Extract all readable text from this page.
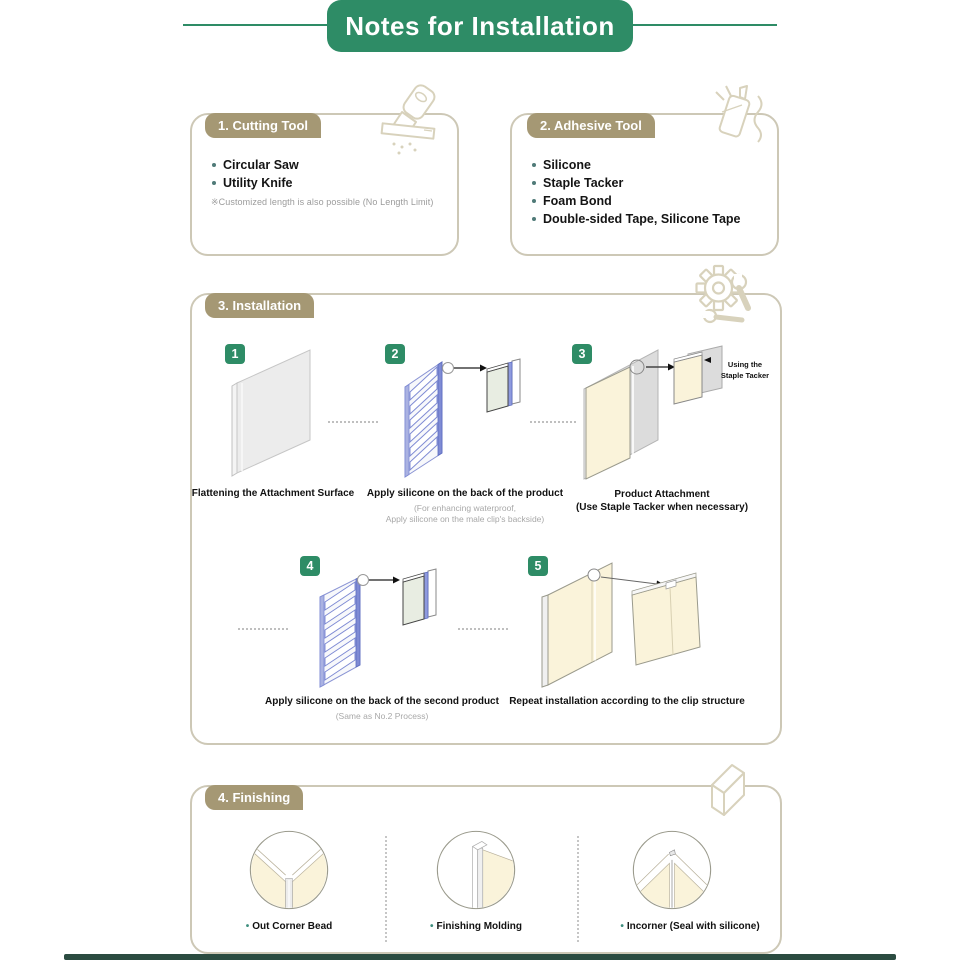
Notes for Installation
1. Cutting Tool
Circular Saw
Utility Knife
※Customized length is also possible (No Length Limit)
2. Adhesive Tool
Silicone
Staple Tacker
Foam Bond
Double-sided Tape, Silicone Tape
3. Installation
1
Flattening the Attachment Surface
2
Apply silicone on the back of the product
(For enhancing waterproof,
Apply silicone on the male clip's backside)
3
Using the
Staple Tacker
Product Attachment
(Use Staple Tacker when necessary)
4
Apply silicone on the back of the second product
(Same as No.2 Process)
5
Repeat installation according to the clip structure
4. Finishing
• Out Corner Bead	• Finishing Molding	• Incorner (Seal with silicone)
